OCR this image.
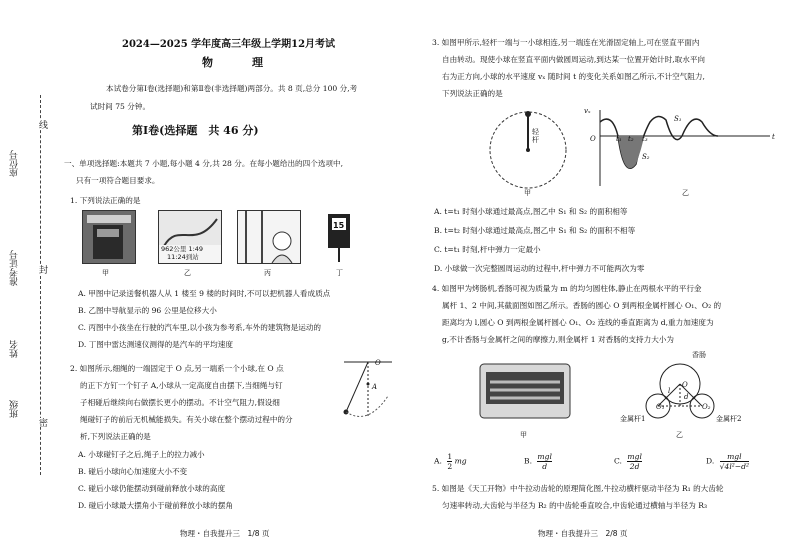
座位号
准考证号
姓名
班级
线
封
密
2024—2025 学年度高三年级上学期12月考试
物　理
本试卷分第Ⅰ卷(选择题)和第Ⅱ卷(非选择题)两部分。共 8 页,总分 100 分,考
试时间 75 分钟。
第Ⅰ卷(选择题　共 46 分)
一、单项选择题:本题共 7 小题,每小题 4 分,共 28 分。在每小题给出的四个选项中,
只有一项符合题目要求。
1. 下列说法正确的是
962公里 1:49
11:24到站
15
甲	乙	丙	丁
A. 甲图中记录送餐机器人从 1 楼至 9 楼的时间时,不可以把机器人看成质点
B. 乙图中导航显示的 96 公里是位移大小
C. 丙图中小孩坐在行驶的汽车里,以小孩为参考系,车外的建筑物是运动的
D. 丁图中雷达测速仪测得的是汽车的平均速度
2. 如图所示,细绳的一端固定于 O 点,另一端系一个小球,在 O 点
的正下方钉一个钉子 A,小球从一定高度自由摆下,当细绳与钉
子相碰后继续向右做摆长更小的摆动。不计空气阻力,假设细
绳碰钉子的前后无机械能损失。有关小球在整个摆动过程中的分
析,下列说法正确的是
O
A
A. 小球碰钉子之后,绳子上的拉力减小
B. 碰后小球向心加速度大小不变
C. 碰后小球仍能摆动到碰前释放小球的高度
D. 碰后小球最大摆角小于碰前释放小球的摆角
物理・自我提升三　1/8 页
3. 如图甲所示,轻杆一端与一小球相连,另一端连在光滑固定轴上,可在竖直平面内
自由转动。现使小球在竖直平面内做圆周运动,到达某一位置开始计时,取水平向
右为正方向,小球的水平速度 vₓ 随时间 t 的变化关系如图乙所示,不计空气阻力,
下列说法正确的是
轻杆
甲
vₓ
t
O	t₁ t₂ t₃
S₁
S₂
乙
A. t=t₁ 时刻小球通过最高点,图乙中 S₁ 和 S₂ 的面积相等
B. t=t₂ 时刻小球通过最高点,图乙中 S₁ 和 S₂ 的面积不相等
C. t=t₁ 时刻,杆中弹力一定最小
D. 小球做一次完整圆周运动的过程中,杆中弹力不可能两次为零
4. 如图甲为烤肠机,香肠可视为质量为 m 的均匀圆柱体,静止在两根水平的平行金
属杆 1、2 中间,其截面图如图乙所示。香肠的圆心 O 到两根金属杆圆心 O₁、O₂ 的
距离均为 l,圆心 O 到两根金属杆圆心 O₁、O₂ 连线的垂直距离为 d,重力加速度为
g,不计香肠与金属杆之间的摩擦力,则金属杆 1 对香肠的支持力大小为
甲
香肠
O
O₁	O₂
d
l
金属杆1	金属杆2
乙
A. $\frac{1}{2}$ mg	B. mgl
d
C. mgl
2d
D.	mgl
√4l²−d²
5. 如图是《天工开物》中牛拉动齿轮的原理简化图,牛拉动横杆驱动半径为 R₁ 的大齿轮
匀速率转动,大齿轮与半径为 R₂ 的中齿轮垂直咬合,中齿轮通过横轴与半径为 R₃
物理・自我提升三　2/8 页
